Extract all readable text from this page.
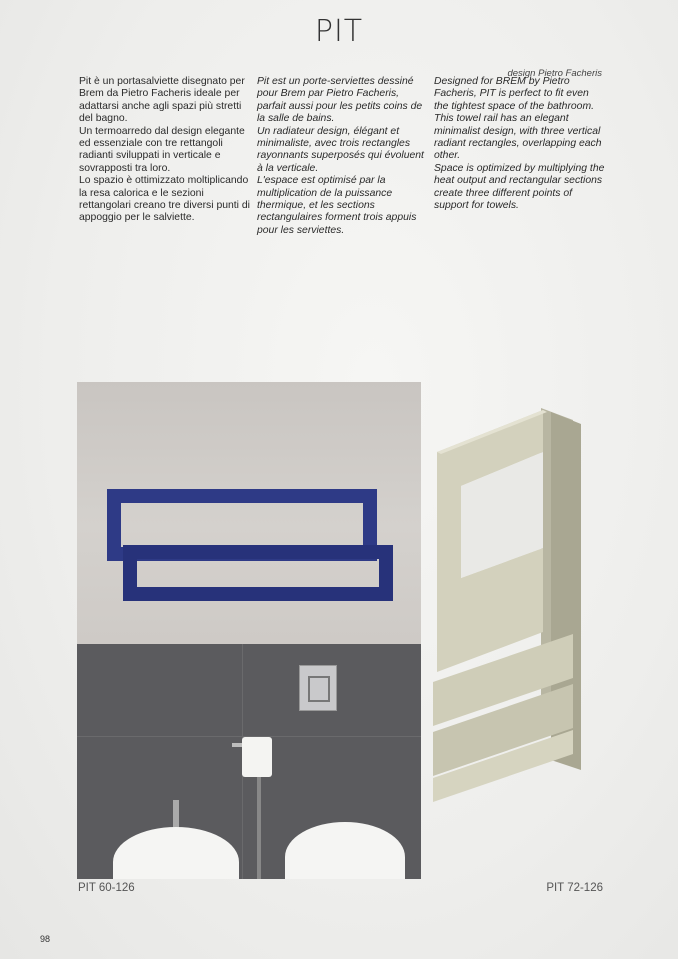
PIT
design Pietro Facheris

Pit è un portasalviette disegnato per Brem da Pietro Facheris ideale per adattarsi anche agli spazi più stretti del bagno.

Un termoarredo dal design elegante ed essenziale con tre rettangoli radianti sviluppati in verticale e sovrapposti tra loro.

Lo spazio è ottimizzato moltiplicando la resa calorica e le sezioni rettangolari creano tre diversi punti di appoggio per le salviette.

Pit est un porte-serviettes dessiné pour Brem par Pietro Facheris, parfait aussi pour les petits coins de la salle de bains.

Un radiateur design, élégant et minimaliste, avec trois rectangles rayonnants superposés qui évoluent à la verticale.

L'espace est optimisé par la multiplication de la puissance thermique, et les sections rectangulaires forment trois appuis pour les serviettes.

Designed for BREM by Pietro Facheris, PIT is perfect to fit even the tightest space of the bathroom. This towel rail has an elegant minimalist design, with three vertical radiant rectangles, overlapping each other.

Space is optimized by multiplying the heat output and rectangular sections create three different points of support for towels.

PIT 60-126	PIT 72-126
98
